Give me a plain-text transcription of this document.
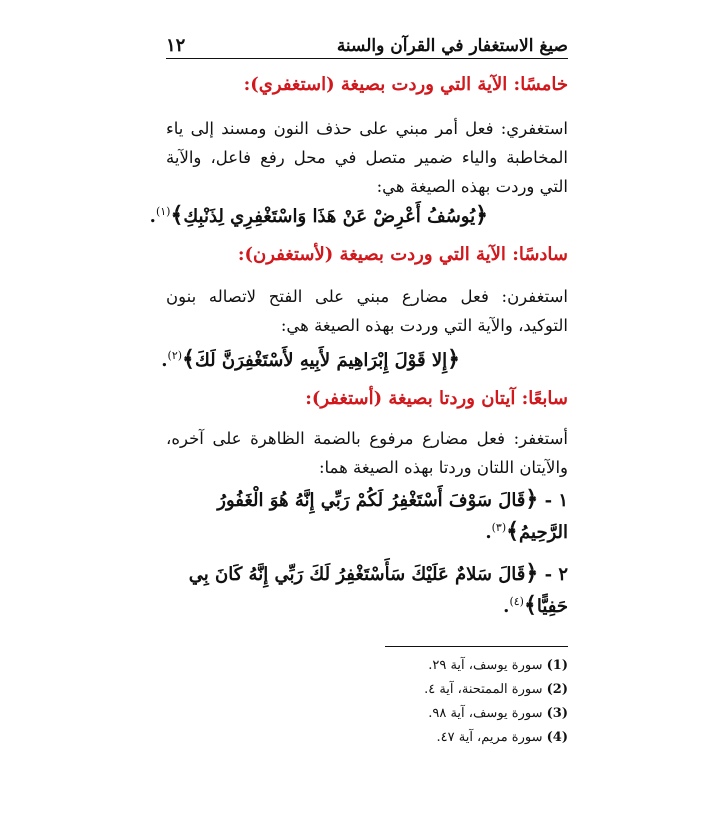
صيغ الاستغفار في القرآن والسنة
١٢
خامسًا: الآية التي وردت بصيغة (استغفري):
استغفري: فعل أمر مبني على حذف النون ومسند إلى ياء المخاطبة والياء ضمير متصل في محل رفع فاعل، والآية التي وردت بهذه الصيغة هي:
﴿يُوسُفُ أَعْرِضْ عَنْ هَذَا وَاسْتَغْفِرِي لِذَنْبِكِ﴾$^{(١)}$.
سادسًا: الآية التي وردت بصيغة (لأستغفرن):
استغفرن: فعل مضارع مبني على الفتح لاتصاله بنون التوكيد، والآية التي وردت بهذه الصيغة هي:
﴿إِلا قَوْلَ إِبْرَاهِيمَ لأَبِيهِ لأَسْتَغْفِرَنَّ لَكَ﴾$^{(٢)}$.
سابعًا: آيتان وردتا بصيغة (أستغفر):
أستغفر: فعل مضارع مرفوع بالضمة الظاهرة على آخره، والآيتان اللتان وردتا بهذه الصيغة هما:
١ - ﴿قَالَ سَوْفَ أَسْتَغْفِرُ لَكُمْ رَبِّي إِنَّهُ هُوَ الْغَفُورُ
الرَّحِيمُ﴾$^{(٣)}$.
٢ - ﴿قَالَ سَلامٌ عَلَيْكَ سَأَسْتَغْفِرُ لَكَ رَبِّي إِنَّهُ كَانَ بِي
حَفِيًّا﴾$^{(٤)}$.
(1) سورة يوسف، آية ٢٩.
(2) سورة الممتحنة، آية ٤.
(3) سورة يوسف، آية ٩٨.
(4) سورة مريم، آية ٤٧.
